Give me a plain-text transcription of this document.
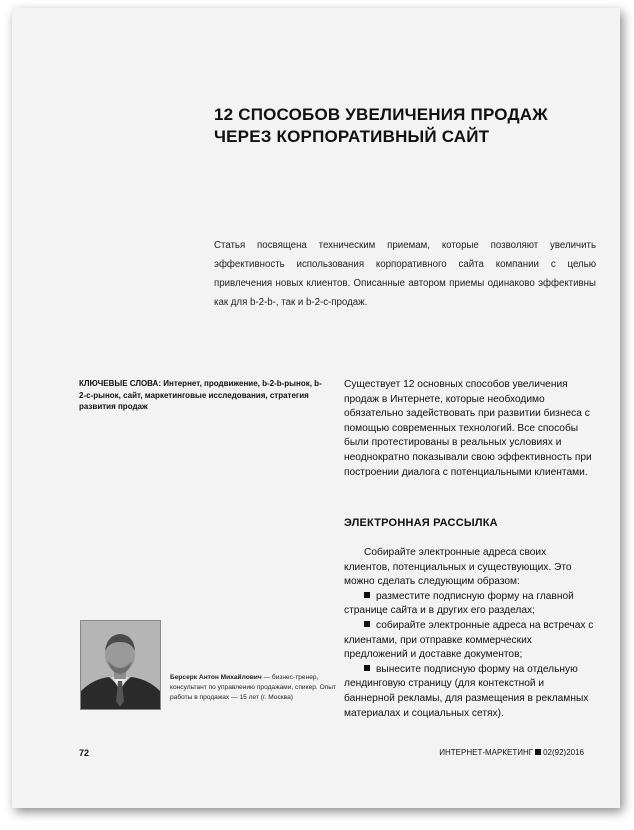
12 СПОСОБОВ УВЕЛИЧЕНИЯ ПРОДАЖ
ЧЕРЕЗ КОРПОРАТИВНЫЙ САЙТ
Статья посвящена техническим приемам, которые позволяют увеличить эффективность использования корпоративного сайта компании с целью привлечения новых клиентов. Описанные автором приемы одинаково эффективны как для b-2-b-, так и b-2-c-продаж.
КЛЮЧЕВЫЕ СЛОВА: Интернет, продвижение, b-2-b-рынок, b-2-c-рынок, сайт, маркетинговые исследования, стратегия развития продаж
Существует 12 основных способов увеличения продаж в Интернете, которые необходимо обязательно задействовать при развитии бизнеса с помощью современных технологий. Все способы были протестированы в реальных условиях и неоднократно показывали свою эффективность при построении диалога с потенциальными клиентами.
ЭЛЕКТРОННАЯ РАССЫЛКА

Собирайте электронные адреса своих клиентов, потенциальных и существующих. Это можно сделать следующим образом:

разместите подписную форму на главной странице сайта и в других его разделах;

собирайте электронные адреса на встречах с клиентами, при отправке коммерческих предложений и доставке документов;

вынесите подписную форму на отдельную лендинговую страницу (для контекстной и баннерной рекламы, для размещения в рекламных материалах и социальных сетях).

Берсерк Антон Михайлович — бизнес-тренер, консультант по управлению продажами, спикер. Опыт работы в продажах — 15 лет (г. Москва)
72	ИНТЕРНЕТ-МАРКЕТИНГ 02(92)2016
